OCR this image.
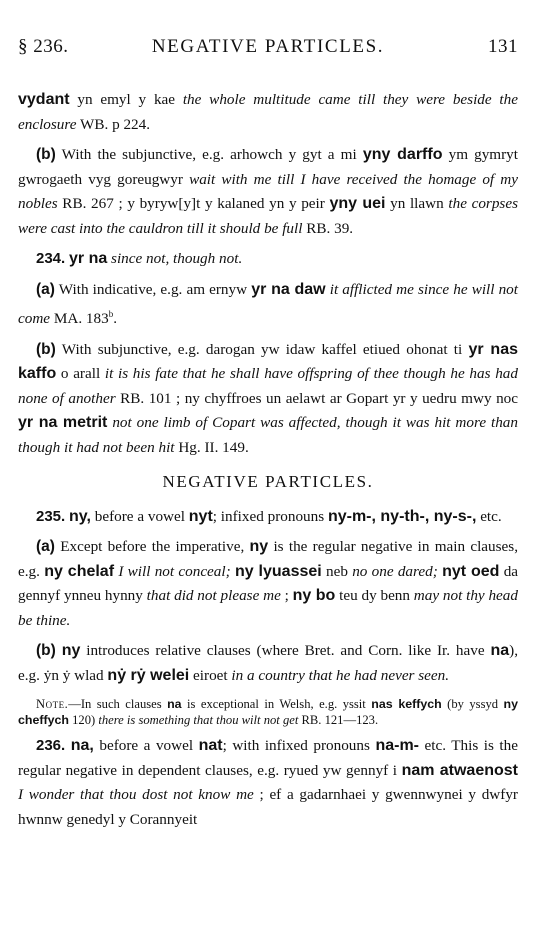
§ 236.	NEGATIVE PARTICLES.	131

vydant yn emyl y kae the whole multitude came till they were beside the enclosure WB. p 224.

(b) With the subjunctive, e.g. arhowch y gyt a mi yny darffo ym gymryt gwrogaeth vyg goreugwyr wait with me till I have received the homage of my nobles RB. 267 ; y byryw[y]t y kalaned yn y peir yny uei yn llawn the corpses were cast into the cauldron till it should be full RB. 39.

234. yr na since not, though not.

(a) With indicative, e.g. am ernyw yr na daw it afflicted me since he will not come MA. 183$^b$.

(b) With subjunctive, e.g. darogan yw idaw kaffel etiued ohonat ti yr nas kaffo o arall it is his fate that he shall have offspring of thee though he has had none of another RB. 101 ; ny chyffroes un aelawt ar Gopart yr y uedru mwy noc yr na metrit not one limb of Copart was affected, though it was hit more than though it had not been hit Hg. II. 149.

NEGATIVE PARTICLES.

235. ny, before a vowel nyt; infixed pronouns ny-m-, ny-th-, ny-s-, etc.

(a) Except before the imperative, ny is the regular negative in main clauses, e.g. ny chelaf I will not conceal; ny lyuassei neb no one dared; nyt oed da gennyf ynneu hynny that did not please me ; ny bo teu dy benn may not thy head be thine.

(b) ny introduces relative clauses (where Bret. and Corn. like Ir. have na), e.g. ẏn ẏ wlad nẏ rẏ welei eiroet in a country that he had never seen.

Note.—In such clauses na is exceptional in Welsh, e.g. yssit nas keffych (by yssyd ny cheffych 120) there is something that thou wilt not get RB. 121—123.

236. na, before a vowel nat; with infixed pronouns na-m- etc. This is the regular negative in dependent clauses, e.g. ryued yw gennyf i nam atwaenost I wonder that thou dost not know me ; ef a gadarnhaei y gwennwynei y dwfyr hwnnw genedyl y Corannyeit
